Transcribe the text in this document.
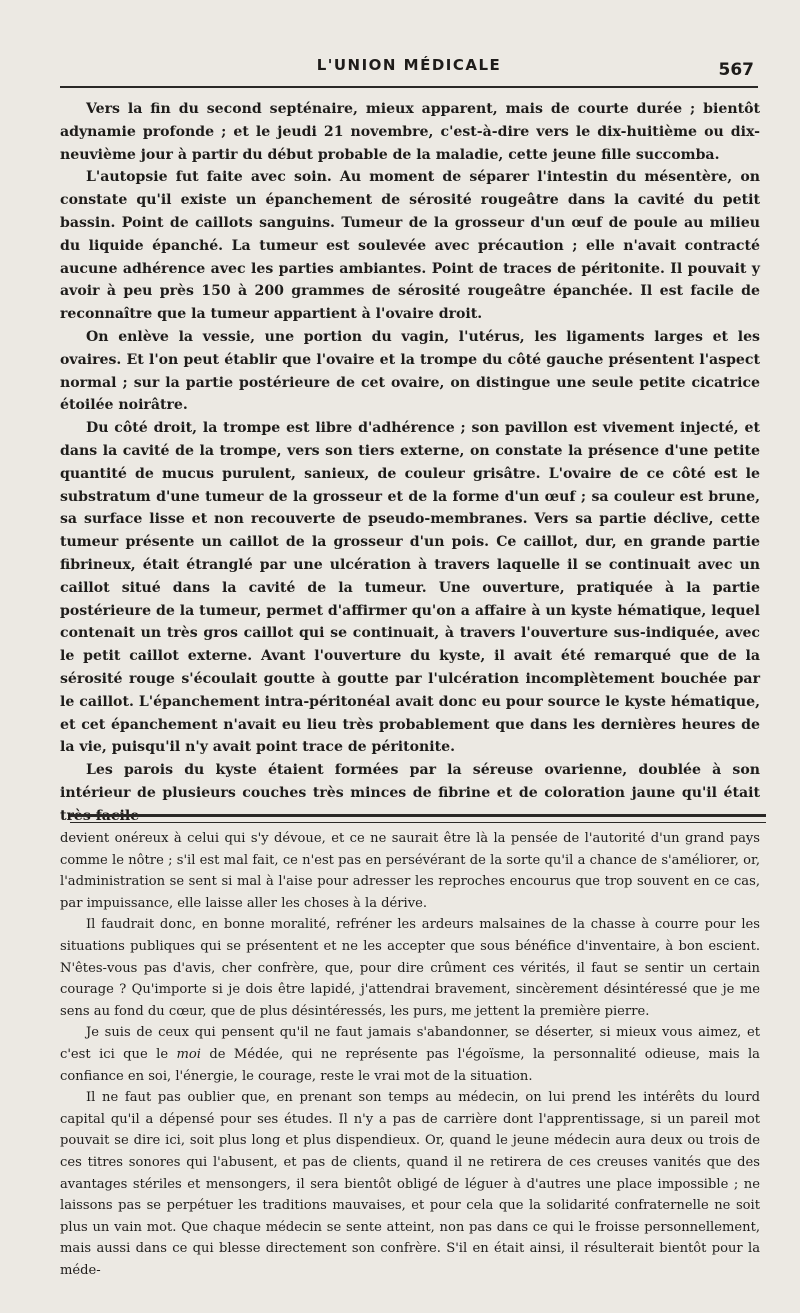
L'UNION MÉDICALE	567

Vers la fin du second septénaire, mieux apparent, mais de courte durée ; bientôt adynamie profonde ; et le jeudi 21 novembre, c'est-à-dire vers le dix-huitième ou dix-neuvième jour à partir du début probable de la maladie, cette jeune fille succomba.

L'autopsie fut faite avec soin. Au moment de séparer l'intestin du mésentère, on constate qu'il existe un épanchement de sérosité rougeâtre dans la cavité du petit bassin. Point de caillots sanguins. Tumeur de la grosseur d'un œuf de poule au milieu du liquide épanché. La tumeur est soulevée avec précaution ; elle n'avait contracté aucune adhérence avec les parties ambiantes. Point de traces de péritonite. Il pouvait y avoir à peu près 150 à 200 grammes de sérosité rougeâtre épanchée. Il est facile de reconnaître que la tumeur appartient à l'ovaire droit.

On enlève la vessie, une portion du vagin, l'utérus, les ligaments larges et les ovaires. Et l'on peut établir que l'ovaire et la trompe du côté gauche présentent l'aspect normal ; sur la partie postérieure de cet ovaire, on distingue une seule petite cicatrice étoilée noirâtre.

Du côté droit, la trompe est libre d'adhérence ; son pavillon est vivement injecté, et dans la cavité de la trompe, vers son tiers externe, on constate la présence d'une petite quantité de mucus purulent, sanieux, de couleur grisâtre. L'ovaire de ce côté est le substratum d'une tumeur de la grosseur et de la forme d'un œuf ; sa couleur est brune, sa surface lisse et non recouverte de pseudo-membranes. Vers sa partie déclive, cette tumeur présente un caillot de la grosseur d'un pois. Ce caillot, dur, en grande partie fibrineux, était étranglé par une ulcération à travers laquelle il se continuait avec un caillot situé dans la cavité de la tumeur. Une ouverture, pratiquée à la partie postérieure de la tumeur, permet d'affirmer qu'on a affaire à un kyste hématique, lequel contenait un très gros caillot qui se continuait, à travers l'ouverture sus-indiquée, avec le petit caillot externe. Avant l'ouverture du kyste, il avait été remarqué que de la sérosité rouge s'écoulait goutte à goutte par l'ulcération incomplètement bouchée par le caillot. L'épanchement intra-péritonéal avait donc eu pour source le kyste hématique, et cet épanchement n'avait eu lieu très probablement que dans les dernières heures de la vie, puisqu'il n'y avait point trace de péritonite.

Les parois du kyste étaient formées par la séreuse ovarienne, doublée à son intérieur de plusieurs couches très minces de fibrine et de coloration jaune qu'il était très facile

devient onéreux à celui qui s'y dévoue, et ce ne saurait être là la pensée de l'autorité d'un grand pays comme le nôtre ; s'il est mal fait, ce n'est pas en persévérant de la sorte qu'il a chance de s'améliorer, or, l'administration se sent si mal à l'aise pour adresser les reproches encourus que trop souvent en ce cas, par impuissance, elle laisse aller les choses à la dérive.

Il faudrait donc, en bonne moralité, refréner les ardeurs malsaines de la chasse à courre pour les situations publiques qui se présentent et ne les accepter que sous bénéfice d'inventaire, à bon escient. N'êtes-vous pas d'avis, cher confrère, que, pour dire crûment ces vérités, il faut se sentir un certain courage ? Qu'importe si je dois être lapidé, j'attendrai bravement, sincèrement désintéressé que je me sens au fond du cœur, que de plus désintéressés, les purs, me jettent la première pierre.

Je suis de ceux qui pensent qu'il ne faut jamais s'abandonner, se déserter, si mieux vous aimez, et c'est ici que le moi de Médée, qui ne représente pas l'égoïsme, la personnalité odieuse, mais la confiance en soi, l'énergie, le courage, reste le vrai mot de la situation.

Il ne faut pas oublier que, en prenant son temps au médecin, on lui prend les intérêts du lourd capital qu'il a dépensé pour ses études. Il n'y a pas de carrière dont l'apprentissage, si un pareil mot pouvait se dire ici, soit plus long et plus dispendieux. Or, quand le jeune médecin aura deux ou trois de ces titres sonores qui l'abusent, et pas de clients, quand il ne retirera de ces creuses vanités que des avantages stériles et mensongers, il sera bientôt obligé de léguer à d'autres une place impossible ; ne laissons pas se perpétuer les traditions mauvaises, et pour cela que la solidarité confraternelle ne soit plus un vain mot. Que chaque médecin se sente atteint, non pas dans ce qui le froisse personnellement, mais aussi dans ce qui blesse directement son confrère. S'il en était ainsi, il résulterait bientôt pour la méde-
